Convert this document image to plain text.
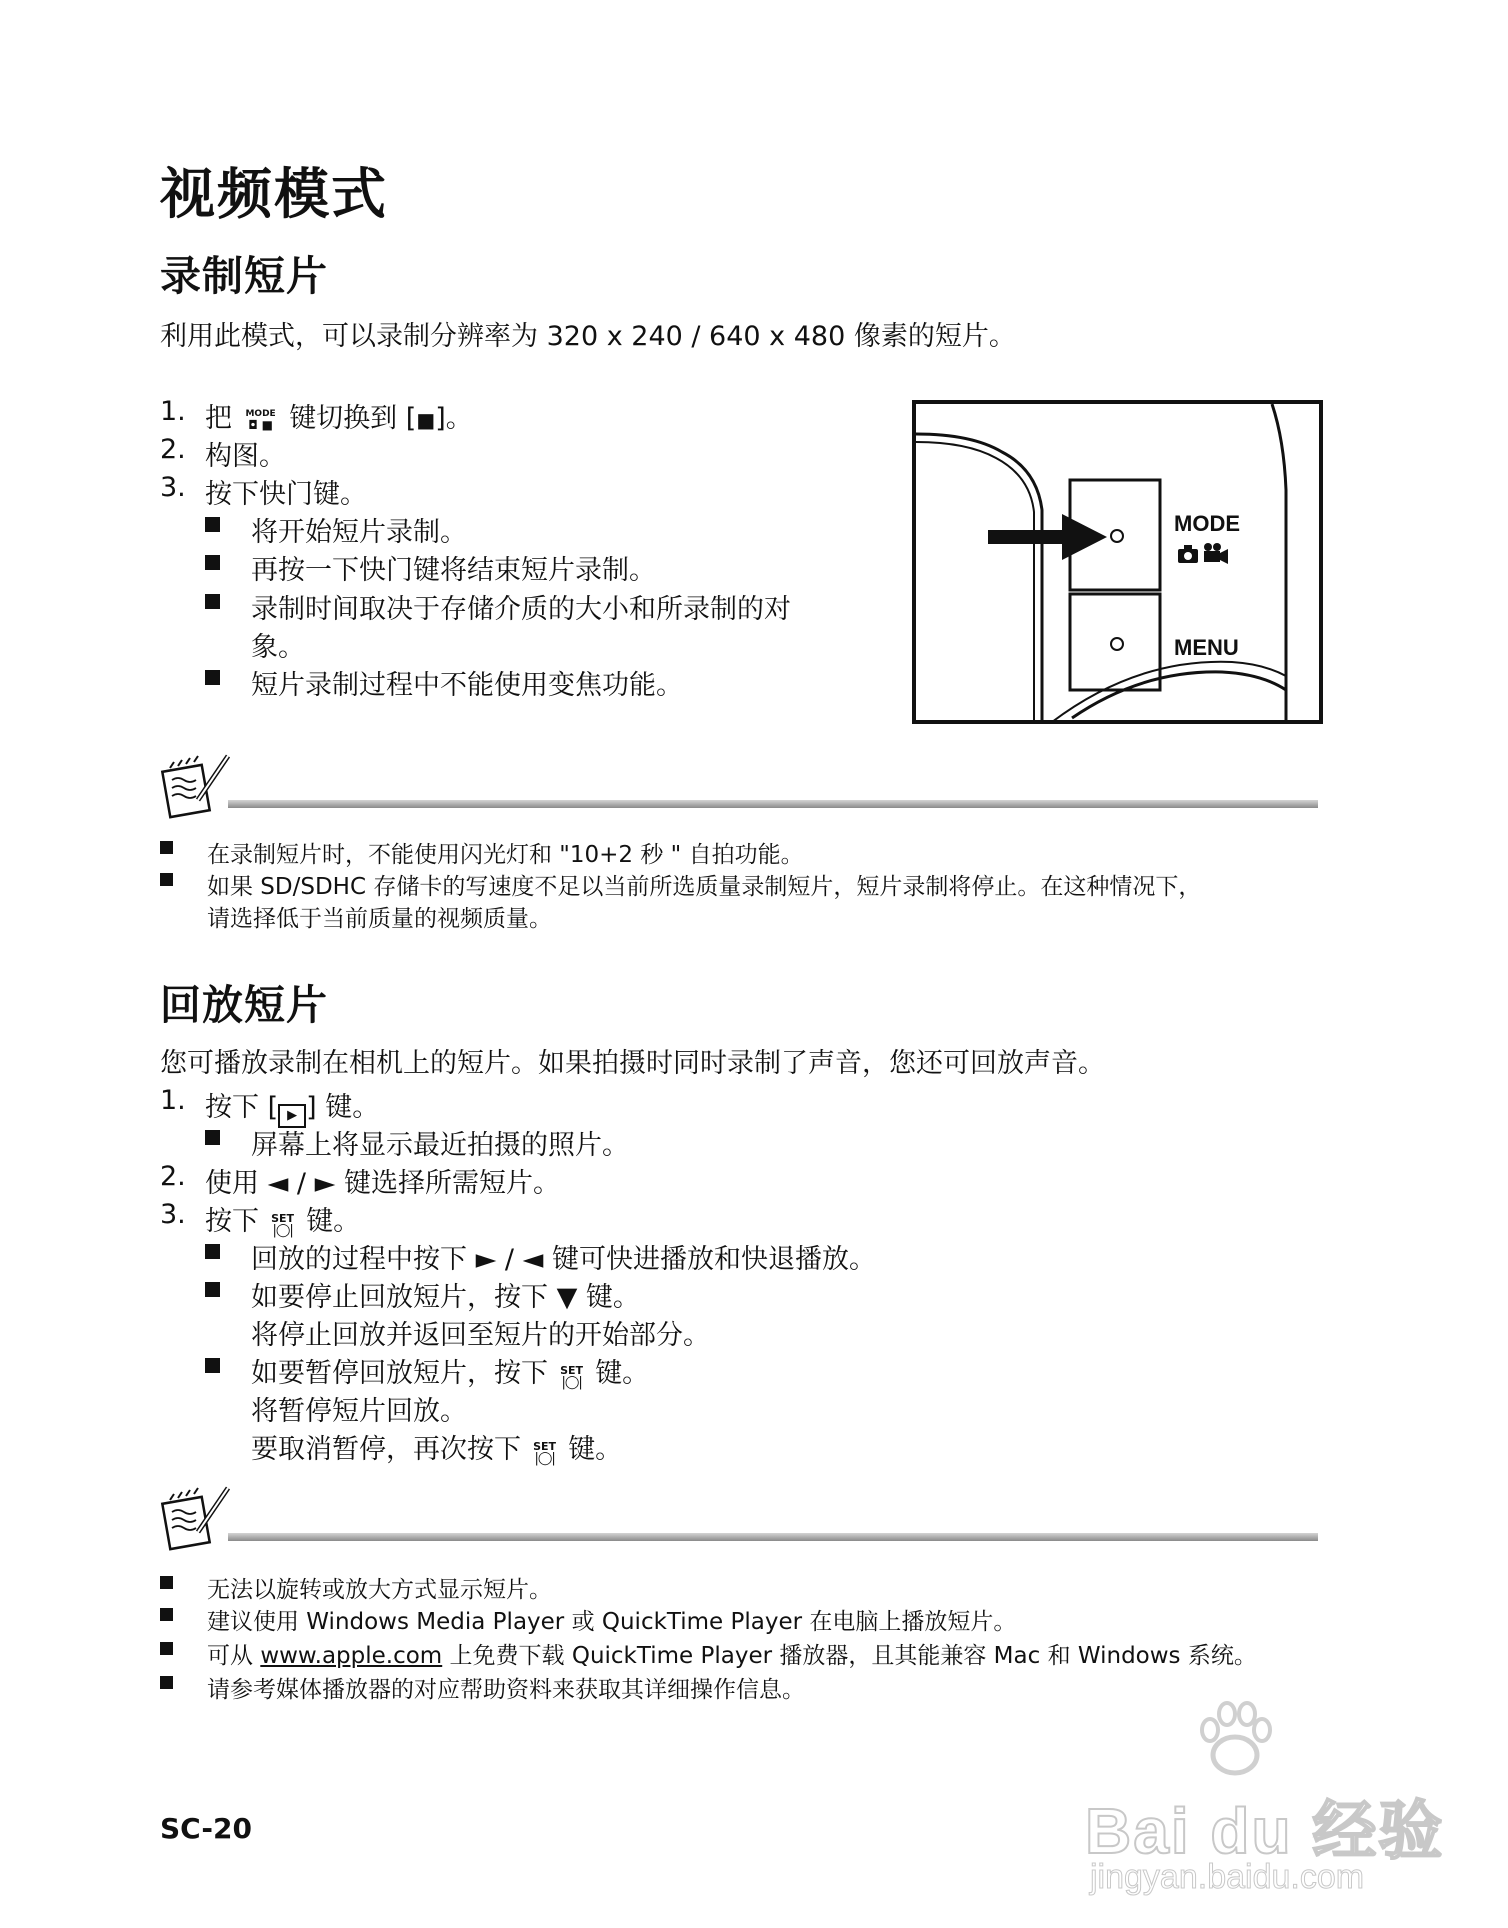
视频模式
录制短片
利用此模式，可以录制分辨率为 320 x 240 / 640 x 480 像素的短片。
1. 把	MODE
◘ ■ 键切换到 [■]。
2. 构图。
3. 按下快门键。
将开始短片录制。
再按一下快门键将结束短片录制。
录制时间取决于存储介质的大小和所录制的对
象。
短片录制过程中不能使用变焦功能。
MODE
MENU
在录制短片时，不能使用闪光灯和 "10+2 秒 " 自拍功能。
如果 SD/SDHC 存储卡的写速度不足以当前所选质量录制短片，短片录制将停止。在这种情况下，
请选择低于当前质量的视频质量。
回放短片
您可播放录制在相机上的短片。如果拍摄时同时录制了声音，您还可回放声音。
1. 按下 [ ▶ ] 键。
屏幕上将显示最近拍摄的照片。
2. 使用 ◄ / ► 键选择所需短片。
3. 按下	SET
|◯| 键。
回放的过程中按下 ► / ◄ 键可快进播放和快退播放。
如要停止回放短片，按下 ▼ 键。
将停止回放并返回至短片的开始部分。
如要暂停回放短片，按下	SET
|◯| 键。
将暂停短片回放。
要取消暂停，再次按下	SET
|◯| 键。
无法以旋转或放大方式显示短片。
建议使用 Windows Media Player 或 QuickTime Player 在电脑上播放短片。
可从 www.apple.com 上免费下载 QuickTime Player 播放器，且其能兼容 Mac 和 Windows 系统。
请参考媒体播放器的对应帮助资料来获取其详细操作信息。
SC-20	Bai du 经验
jingyan.baidu.com
